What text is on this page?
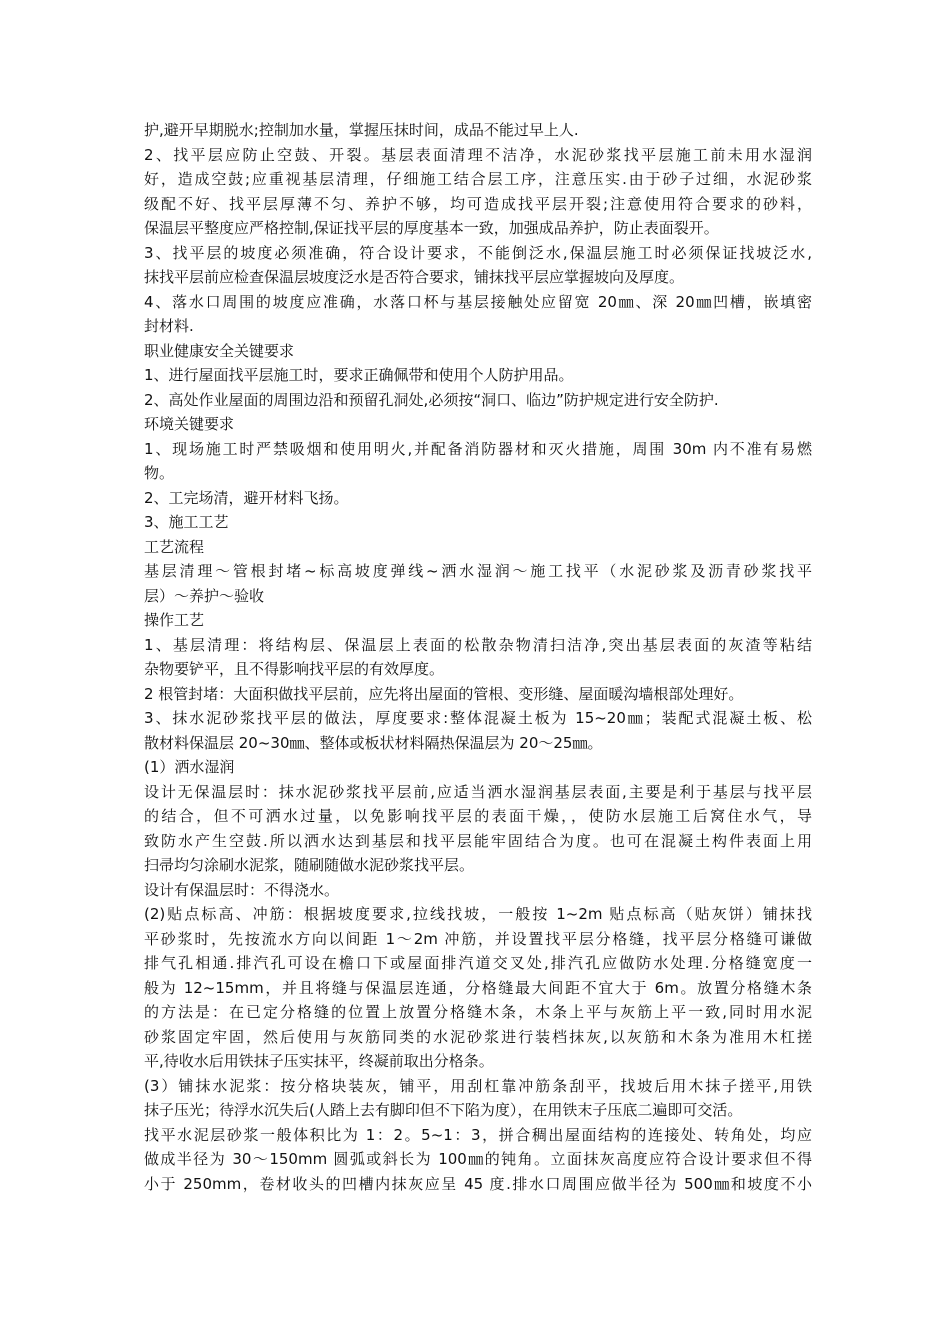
护,避开早期脱水;控制加水量，掌握压抹时间，成品不能过早上人.
2、找平层应防止空鼓、开裂。基层表面清理不洁净，水泥砂浆找平层施工前未用水湿润
好，造成空鼓;应重视基层清理，仔细施工结合层工序，注意压实.由于砂子过细，水泥砂浆
级配不好、找平层厚薄不匀、养护不够，均可造成找平层开裂;注意使用符合要求的砂料，
保温层平整度应严格控制,保证找平层的厚度基本一致，加强成品养护，防止表面裂开。
3、找平层的坡度必须准确，符合设计要求，不能倒泛水,保温层施工时必须保证找坡泛水,
抹找平层前应检查保温层坡度泛水是否符合要求，铺抹找平层应掌握坡向及厚度。
4、落水口周围的坡度应准确，水落口杯与基层接触处应留宽 20㎜、深 20㎜凹槽，嵌填密
封材料.
职业健康安全关键要求
1、进行屋面找平层施工时，要求正确佩带和使用个人防护用品。
2、高处作业屋面的周围边沿和预留孔洞处,必须按“洞口、临边”防护规定进行安全防护.
环境关键要求
1、现场施工时严禁吸烟和使用明火,并配备消防器材和灭火措施，周围 30m 内不准有易燃
物。
2、工完场清，避开材料飞扬。
3、施工工艺
工艺流程
基层清理～管根封堵~标高坡度弹线~洒水湿润～施工找平（水泥砂浆及沥青砂浆找平
层）～养护～验收
操作工艺
1、基层清理：将结构层、保温层上表面的松散杂物清扫洁净,突出基层表面的灰渣等粘结
杂物要铲平，且不得影响找平层的有效厚度。
2 根管封堵：大面积做找平层前，应先将出屋面的管根、变形缝、屋面暖沟墙根部处理好。
3、抹水泥砂浆找平层的做法，厚度要求:整体混凝土板为 15~20㎜；装配式混凝土板、松
散材料保温层 20~30㎜、整体或板状材料隔热保温层为 20～25㎜。
(1）洒水湿润
设计无保温层时：抹水泥砂浆找平层前,应适当洒水湿润基层表面,主要是利于基层与找平层
的结合，但不可洒水过量，以免影响找平层的表面干燥，，使防水层施工后窝住水气，导
致防水产生空鼓.所以洒水达到基层和找平层能牢固结合为度。也可在混凝土构件表面上用
扫帚均匀涂刷水泥浆，随刷随做水泥砂浆找平层。
设计有保温层时：不得浇水。
(2)贴点标高、冲筋：根据坡度要求,拉线找坡，一般按 1~2m 贴点标高（贴灰饼）铺抹找
平砂浆时，先按流水方向以间距 1～2m 冲筋，并设置找平层分格缝，找平层分格缝可谦做
排气孔相通.排汽孔可设在檐口下或屋面排汽道交叉处,排汽孔应做防水处理.分格缝宽度一
般为 12~15mm，并且将缝与保温层连通，分格缝最大间距不宜大于 6m。放置分格缝木条
的方法是：在已定分格缝的位置上放置分格缝木条，木条上平与灰筋上平一致,同时用水泥
砂浆固定牢固，然后使用与灰筋同类的水泥砂浆进行装档抹灰,以灰筋和木条为准用木杠搓
平,待收水后用铁抹子压实抹平，终凝前取出分格条。
(3）铺抹水泥浆：按分格块装灰，铺平，用刮杠靠冲筋条刮平，找坡后用木抹子搓平,用铁
抹子压光；待浮水沉失后(人踏上去有脚印但不下陷为度），在用铁末子压底二遍即可交活。
找平水泥层砂浆一般体积比为 1：2。5~1：3，拼合稠出屋面结构的连接处、转角处，均应
做成半径为 30～150mm 圆弧或斜长为 100㎜的钝角。立面抹灰高度应符合设计要求但不得
小于 250mm，卷材收头的凹槽内抹灰应呈 45 度.排水口周围应做半径为 500㎜和坡度不小
